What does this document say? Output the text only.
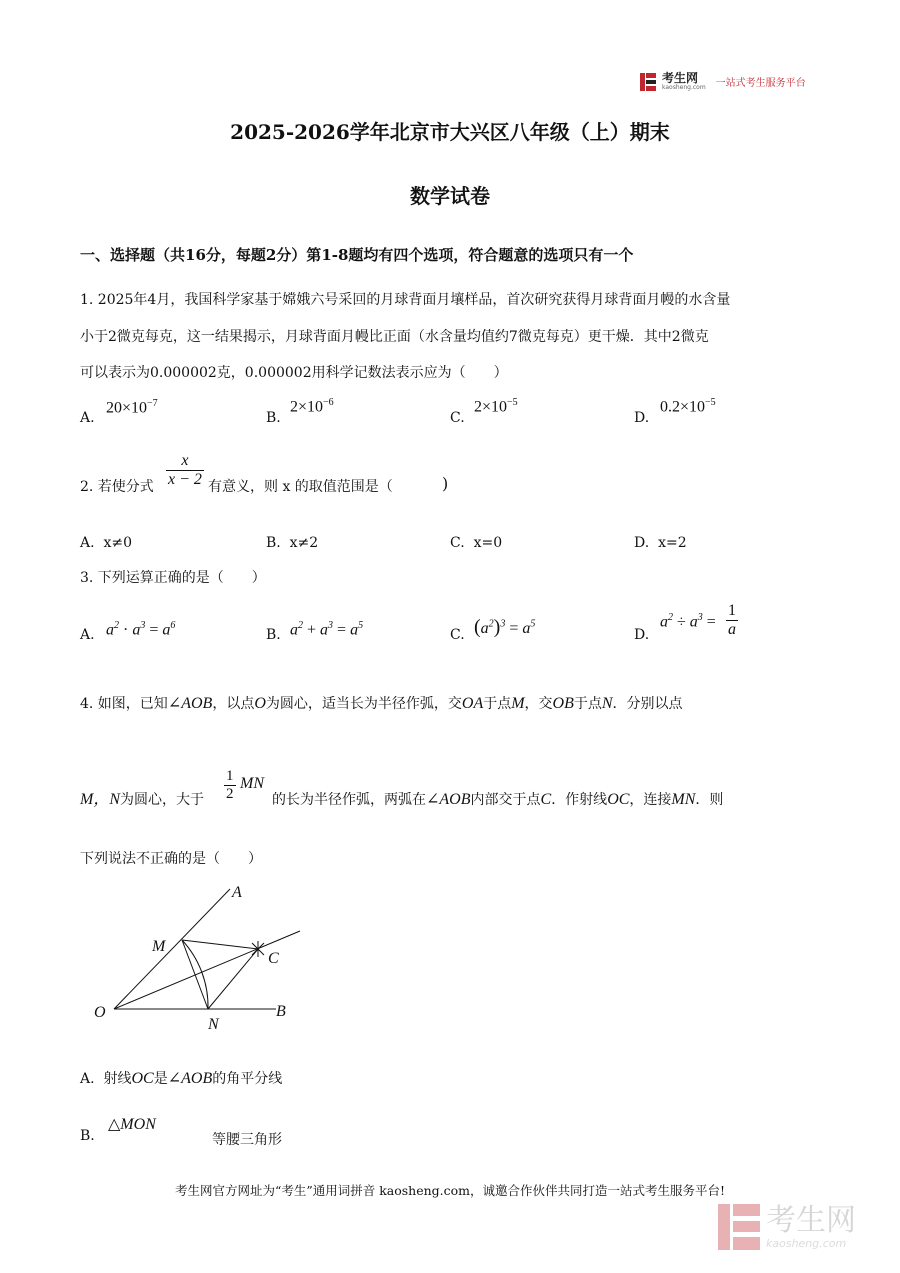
考生网
kaosheng.com 一站式考生服务平台
2025-2026学年北京市大兴区八年级（上）期末
数学试卷
一、选择题（共16分，每题2分）第1-8题均有四个选项，符合题意的选项只有一个
1. 2025年4月，我国科学家基于嫦娥六号采回的月球背面月壤样品，首次研究获得月球背面月幔的水含量
小于2微克每克，这一结果揭示，月球背面月幔比正面（水含量均值约7微克每克）更干燥．其中2微克
可以表示为0.000002克，0.000002用科学记数法表示应为（　　）
A.
$20\times 10^{-7}$
B.
$2\times 10^{-6}$
C.
$2\times 10^{-5}$
D.
$0.2\times 10^{-5}$
2. 若使分式 $\frac{x}{x - 2}$ 有意义，则 x 的取值范围是（	)
A. x≠0	B. x≠2	C. x=0	D. x=2
3. 下列运算正确的是（　　）
A. $a^2 \cdot a^3 = a^6$
B. $a^2 + a^3 = a^5$
C. $(a^2)^3 = a^5$
D.
$a^2 \div a^3 = \frac{1}{a}$
4. 如图，已知∠AOB，以点O为圆心，适当长为半径作弧，交OA于点M，交OB于点N．分别以点
M，N为圆心，大于 $\frac{1}{2}$ MN
的长为半径作弧，两弧在∠AOB内部交于点C．作射线OC，连接MN．则
下列说法不正确的是（　　）
A
B
C
M
N
O
A. 射线OC是∠AOB的角平分线
B.
△MON
等腰三角形
考生网官方网址为“考生”通用词拼音 kaosheng.com，诚邀合作伙伴共同打造一站式考生服务平台!
考生网
kaosheng.com
